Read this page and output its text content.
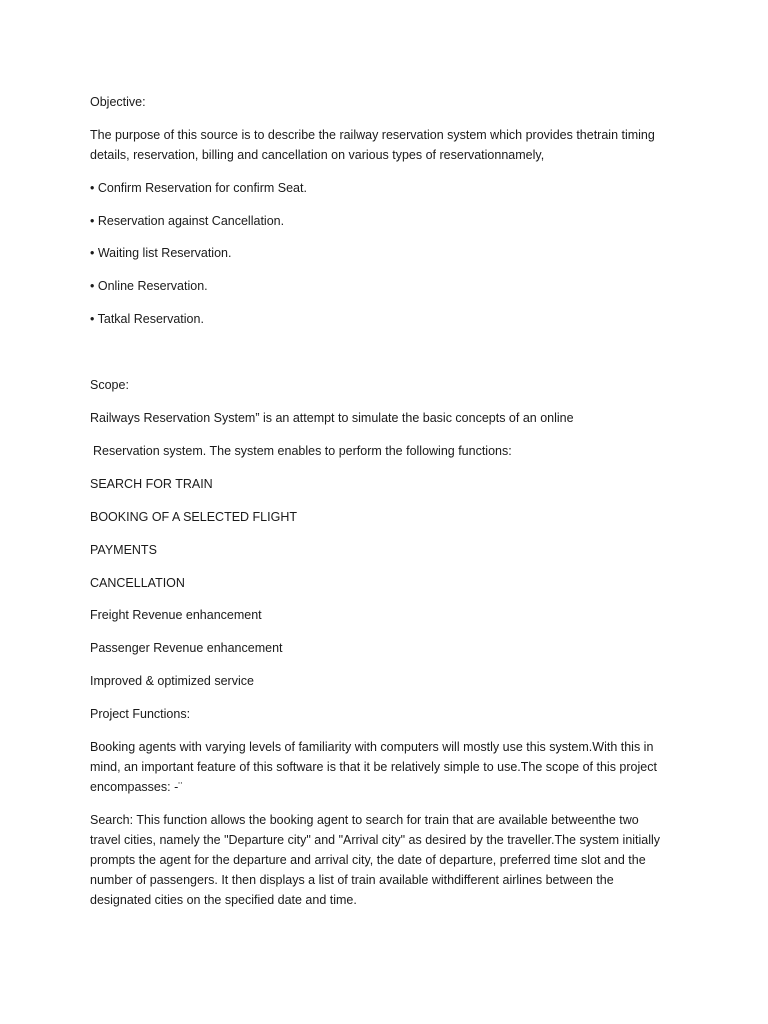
Objective:
The purpose of this source is to describe the railway reservation system which provides thetrain timing
details, reservation, billing and cancellation on various types of reservationnamely,
• Confirm Reservation for confirm Seat.
• Reservation against Cancellation.
• Waiting list Reservation.
• Online Reservation.
• Tatkal Reservation.
Scope:
Railways Reservation System” is an attempt to simulate the basic concepts of an online
Reservation system. The system enables to perform the following functions:
SEARCH FOR TRAIN
BOOKING OF A SELECTED FLIGHT
PAYMENTS
CANCELLATION
Freight Revenue enhancement
Passenger Revenue enhancement
Improved & optimized service
Project Functions:
Booking agents with varying levels of familiarity with computers will mostly use this system.With this in
mind, an important feature of this software is that it be relatively simple to use.The scope of this project
encompasses: -¨
Search: This function allows the booking agent to search for train that are available betweenthe two
travel cities, namely the "Departure city" and "Arrival city" as desired by the traveller.The system initially
prompts the agent for the departure and arrival city, the date of departure, preferred time slot and the
number of passengers. It then displays a list of train available withdifferent airlines between the
designated cities on the specified date and time.
